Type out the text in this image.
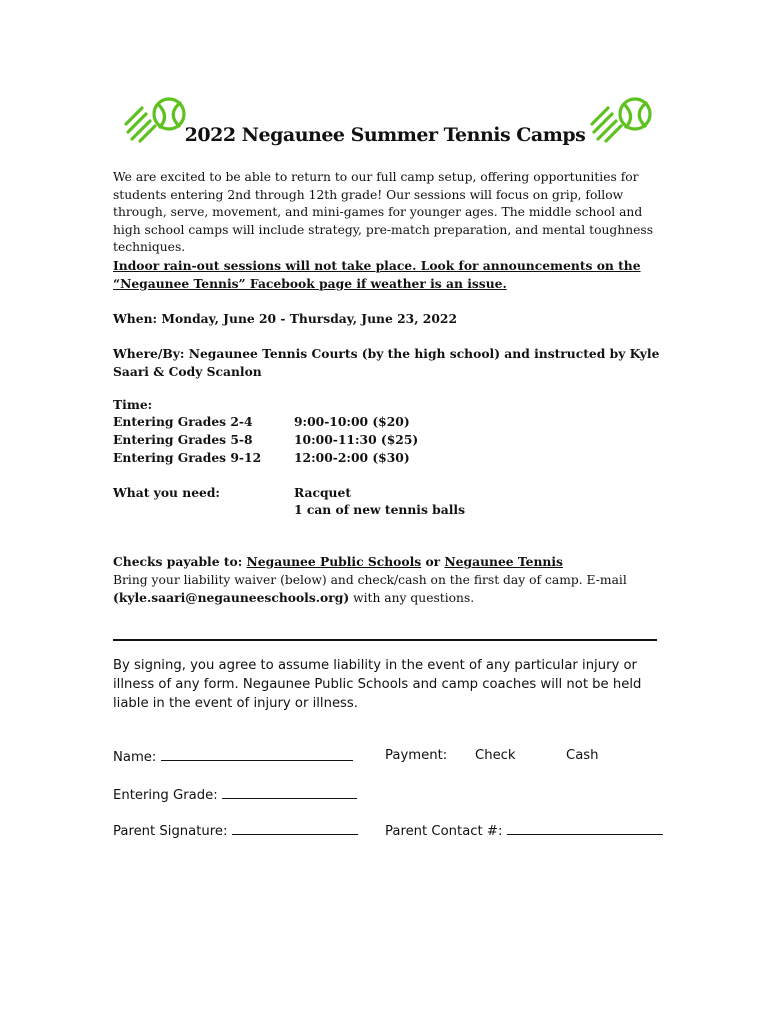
2022 Negaunee Summer Tennis Camps
We are excited to be able to return to our full camp setup, offering opportunities for students entering 2nd through 12th grade! Our sessions will focus on grip, follow through, serve, movement, and mini-games for younger ages. The middle school and high school camps will include strategy, pre-match preparation, and mental toughness techniques.
Indoor rain-out sessions will not take place. Look for announcements on the “Negaunee Tennis” Facebook page if weather is an issue.
When: Monday, June 20 - Thursday, June 23, 2022
Where/By: Negaunee Tennis Courts (by the high school) and instructed by Kyle Saari & Cody Scanlon
Time:
Entering Grades 2-4	9:00-10:00 ($20)
Entering Grades 5-8	10:00-11:30 ($25)
Entering Grades 9-12	12:00-2:00 ($30)
What you need:	Racquet
1 can of new tennis balls
Checks payable to: Negaunee Public Schools or Negaunee Tennis
Bring your liability waiver (below) and check/cash on the first day of camp. E-mail
(kyle.saari@negauneeschools.org) with any questions.
By signing, you agree to assume liability in the event of any particular injury or illness of any form. Negaunee Public Schools and camp coaches will not be held liable in the event of injury or illness.
Name:	Payment: Check	Cash
Entering Grade:
Parent Signature:	Parent Contact #:
